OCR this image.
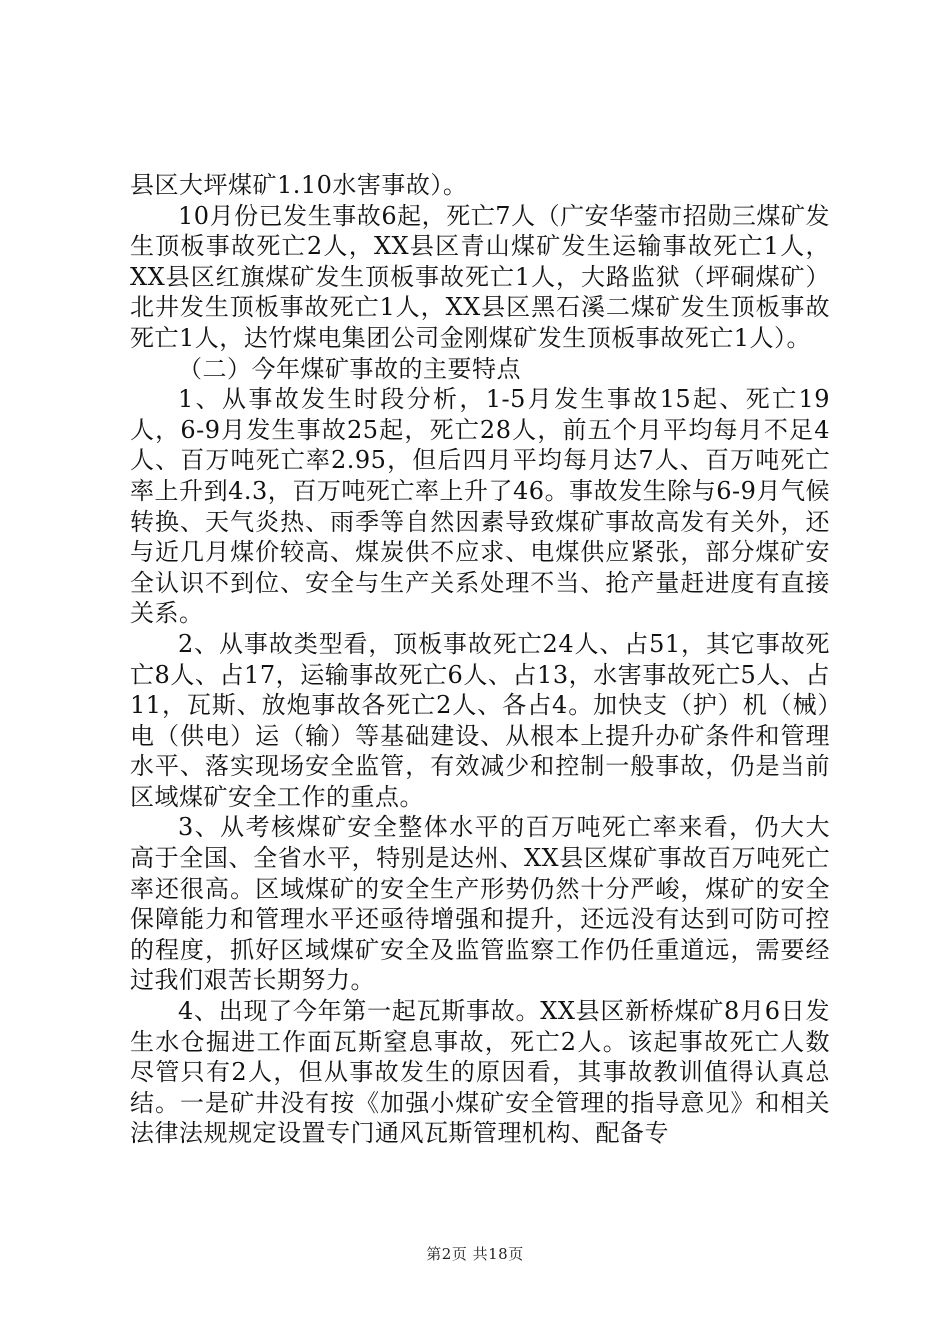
县区大坪煤矿1.10水害事故）。

10月份已发生事故6起，死亡7人（广安华蓥市招勋三煤矿发生顶板事故死亡2人，XX县区青山煤矿发生运输事故死亡1人，XX县区红旗煤矿发生顶板事故死亡1人，大路监狱（坪硐煤矿）北井发生顶板事故死亡1人，XX县区黑石溪二煤矿发生顶板事故死亡1人，达竹煤电集团公司金刚煤矿发生顶板事故死亡1人）。

（二）今年煤矿事故的主要特点

1、从事故发生时段分析，1-5月发生事故15起、死亡19人，6-9月发生事故25起，死亡28人，前五个月平均每月不足4人、百万吨死亡率2.95，但后四月平均每月达7人、百万吨死亡率上升到4.3，百万吨死亡率上升了46。事故发生除与6-9月气候转换、天气炎热、雨季等自然因素导致煤矿事故高发有关外，还与近几月煤价较高、煤炭供不应求、电煤供应紧张，部分煤矿安全认识不到位、安全与生产关系处理不当、抢产量赶进度有直接关系。

2、从事故类型看，顶板事故死亡24人、占51，其它事故死亡8人、占17，运输事故死亡6人、占13，水害事故死亡5人、占11，瓦斯、放炮事故各死亡2人、各占4。加快支（护）机（械）电（供电）运（输）等基础建设、从根本上提升办矿条件和管理水平、落实现场安全监管，有效减少和控制一般事故，仍是当前区域煤矿安全工作的重点。

3、从考核煤矿安全整体水平的百万吨死亡率来看，仍大大高于全国、全省水平，特别是达州、XX县区煤矿事故百万吨死亡率还很高。区域煤矿的安全生产形势仍然十分严峻，煤矿的安全保障能力和管理水平还亟待增强和提升，还远没有达到可防可控的程度，抓好区域煤矿安全及监管监察工作仍任重道远，需要经过我们艰苦长期努力。

4、出现了今年第一起瓦斯事故。XX县区新桥煤矿8月6日发生水仓掘进工作面瓦斯窒息事故，死亡2人。该起事故死亡人数尽管只有2人，但从事故发生的原因看，其事故教训值得认真总结。一是矿井没有按《加强小煤矿安全管理的指导意见》和相关法律法规规定设置专门通风瓦斯管理机构、配备专

第2页 共18页
